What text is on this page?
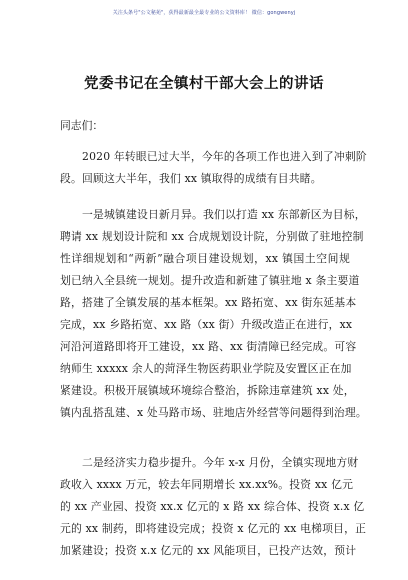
关注头条号"公文秘苑"，获得最新最全最专业的公文资料库！ 微信：gongwenyj
党委书记在全镇村干部大会上的讲话
同志们：
2020 年转眼已过大半，今年的各项工作也进入到了冲刺阶
段。回顾这大半年，我们 xx 镇取得的成绩有目共睹。
一是城镇建设日新月异。我们以打造 xx 东部新区为目标，
聘请 xx 规划设计院和 xx 合成规划设计院，分别做了驻地控制
性详细规划和“两新”融合项目建设规划，xx 镇国土空间规
划已纳入全县统一规划。提升改造和新建了镇驻地 x 条主要道
路，搭建了全镇发展的基本框架。xx 路拓宽、xx 街东延基本
完成，xx 乡路拓宽、xx 路（xx 街）升级改造正在进行，xx
河沿河道路即将开工建设，xx 路、xx 街清障已经完成。可容
纳师生 xxxxx 余人的菏泽生物医药职业学院及安置区正在加
紧建设。积极开展镇域环境综合整治，拆除违章建筑 xx 处，
镇内乱搭乱建、x 处马路市场、驻地店外经营等问题得到治理。
二是经济实力稳步提升。今年 x-x 月份，全镇实现地方财
政收入 xxxx 万元，较去年同期增长 xx.xx%。投资 xx 亿元
的 xx 产业园、投资 xx.x 亿元的 x 路 xx 综合体、投资 x.x 亿
元的 xx 制药，即将建设完成；投资 x 亿元的 xx 电梯项目，正
加紧建设；投资 x.x 亿元的 xx 风能项目，已投产达效，预计
